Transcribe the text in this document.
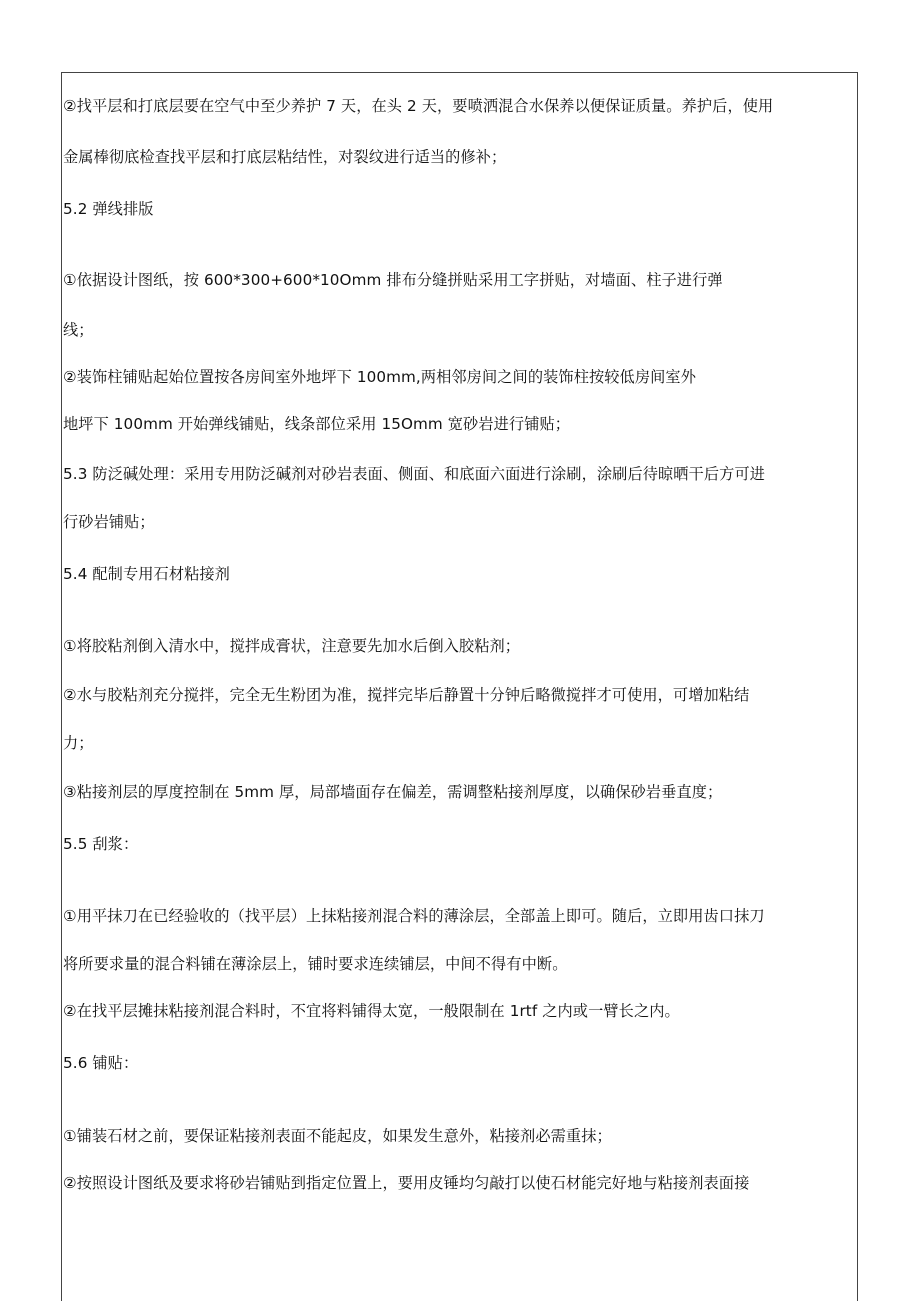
②找平层和打底层要在空气中至少养护 7 天，在头 2 天，要喷洒混合水保养以便保证质量。养护后，使用
金属棒彻底检查找平层和打底层粘结性，对裂纹进行适当的修补；
5.2 弹线排版
①依据设计图纸，按 600*300+600*10Omm 排布分缝拼贴采用工字拼贴，对墙面、柱子进行弹
线；
②装饰柱铺贴起始位置按各房间室外地坪下 100mm,两相邻房间之间的装饰柱按较低房间室外
地坪下 100mm 开始弹线铺贴，线条部位采用 15Omm 宽砂岩进行铺贴；
5.3 防泛碱处理：采用专用防泛碱剂对砂岩表面、侧面、和底面六面进行涂刷，涂刷后待晾晒干后方可进
行砂岩铺贴；
5.4 配制专用石材粘接剂
①将胶粘剂倒入清水中，搅拌成膏状，注意要先加水后倒入胶粘剂；
②水与胶粘剂充分搅拌，完全无生粉团为准，搅拌完毕后静置十分钟后略微搅拌才可使用，可增加粘结
力；
③粘接剂层的厚度控制在 5mm 厚，局部墙面存在偏差，需调整粘接剂厚度，以确保砂岩垂直度；
5.5 刮浆：
①用平抹刀在已经验收的（找平层）上抹粘接剂混合料的薄涂层，全部盖上即可。随后，立即用齿口抹刀
将所要求量的混合料铺在薄涂层上，铺时要求连续铺层，中间不得有中断。
②在找平层摊抹粘接剂混合料时，不宜将料铺得太宽，一般限制在 1rtf 之内或一臂长之内。
5.6 铺贴：
①铺装石材之前，要保证粘接剂表面不能起皮，如果发生意外，粘接剂必需重抹；
②按照设计图纸及要求将砂岩铺贴到指定位置上，要用皮锤均匀敲打以使石材能完好地与粘接剂表面接
